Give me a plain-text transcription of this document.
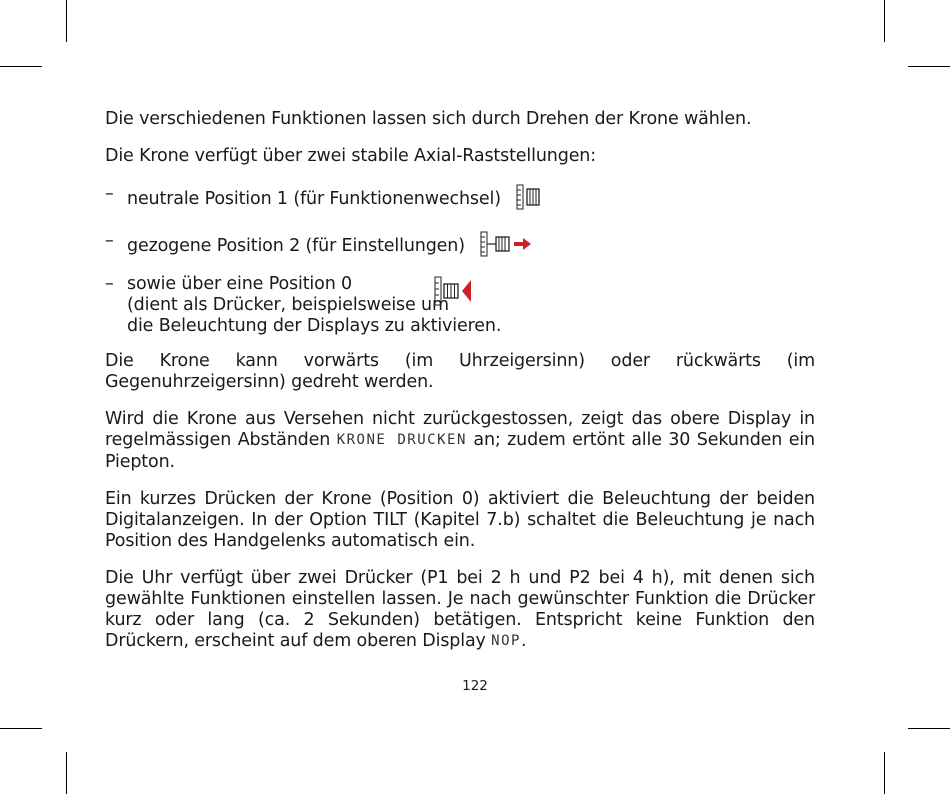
Die verschiedenen Funktionen lassen sich durch Drehen der Krone wählen.

Die Krone verfügt über zwei stabile Axial-Raststellungen:

– neutrale Position 1 (für Funktionenwechsel)
– gezogene Position 2 (für Einstellungen)
– sowie über eine Position 0
(dient als Drücker, beispielsweise um
die Beleuchtung der Displays zu aktivieren.

Die Krone kann vorwärts (im Uhrzeigersinn) oder rückwärts (im Gegenuhrzeigersinn) gedreht werden.

Wird die Krone aus Versehen nicht zurückgestossen, zeigt das obere Display in regelmässigen Abständen KRONE DRUCKEN an; zudem ertönt alle 30 Sekunden ein Piepton.

Ein kurzes Drücken der Krone (Position 0) aktiviert die Beleuchtung der beiden Digitalanzeigen. In der Option TILT (Kapitel 7.b) schaltet die Beleuchtung je nach Position des Handgelenks automatisch ein.

Die Uhr verfügt über zwei Drücker (P1 bei 2 h und P2 bei 4 h), mit denen sich gewählte Funktionen einstellen lassen. Je nach gewünschter Funktion die Drücker kurz oder lang (ca. 2 Sekunden) betätigen. Entspricht keine Funktion den Drückern, erscheint auf dem oberen Display NOP.

122
